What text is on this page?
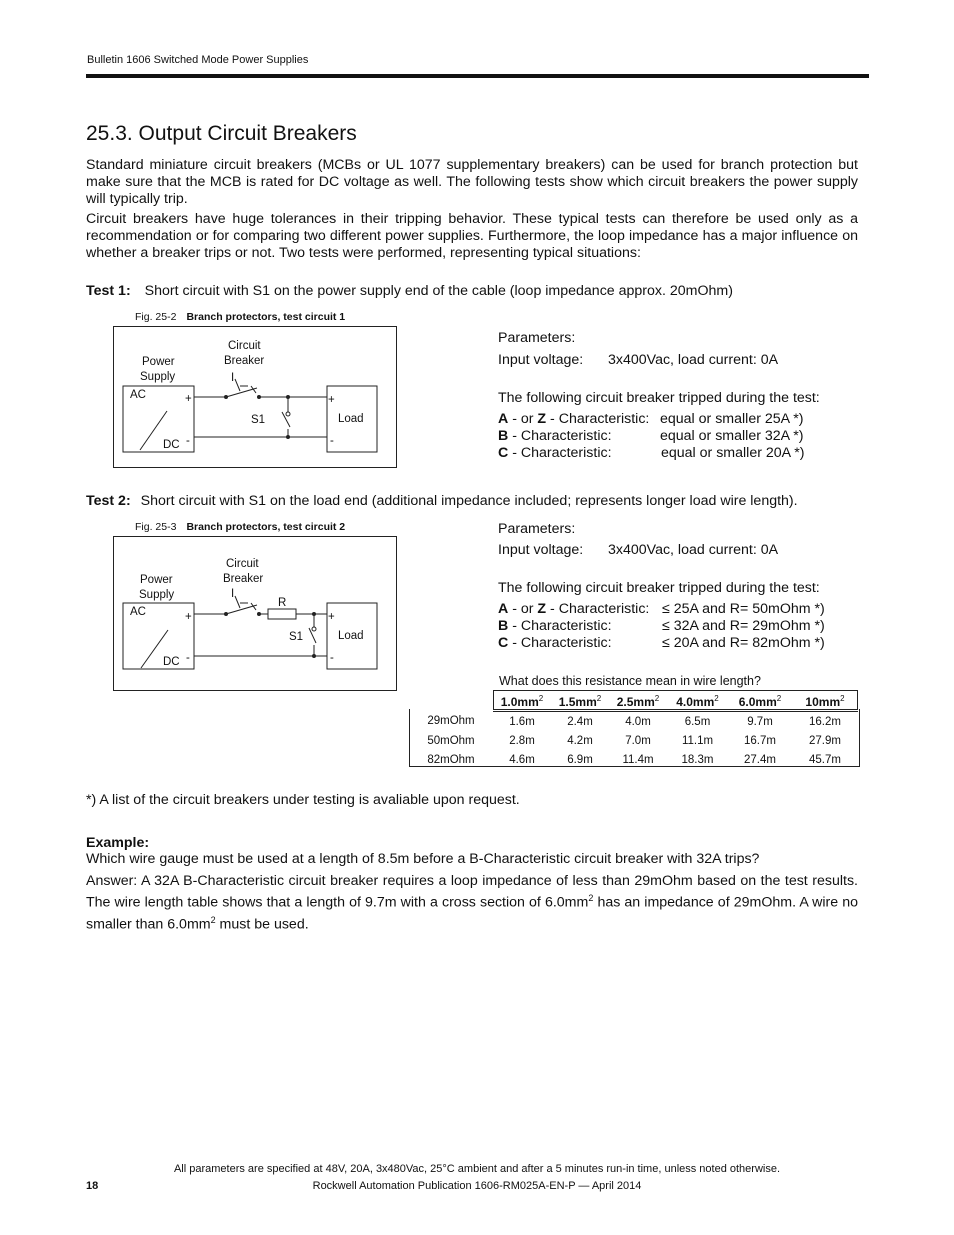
Bulletin 1606 Switched Mode Power Supplies
25.3. Output Circuit Breakers

Standard miniature circuit breakers (MCBs or UL 1077 supplementary breakers) can be used for branch protection but make sure that the MCB is rated for DC voltage as well. The following tests show which circuit breakers the power supply will typically trip.

Circuit breakers have huge tolerances in their tripping behavior. These typical tests can therefore be used only as a recommendation or for comparing two different power supplies. Furthermore, the loop impedance has a major influence on whether a breaker trips or not. Two tests were performed, representing typical situations:

Test 1: Short circuit with S1 on the power supply end of the cable (loop impedance approx. 20mOhm)
Fig. 25-2 Branch protectors, test circuit 1
Power
Supply
Circuit
Breaker
I
AC
DC
+
-
S1
+
-
Load
Parameters:
Input voltage: 3x400Vac, load current: 0A
The following circuit breaker tripped during the test:
A - or Z - Characteristic: equal or smaller 25A *)
B - Characteristic:	equal or smaller 32A *)
C - Characteristic:	equal or smaller 20A *)
Test 2: Short circuit with S1 on the load end (additional impedance included; represents longer load wire length).
Fig. 25-3 Branch protectors, test circuit 2
Power
Supply
Circuit
Breaker
I
AC
DC
+
-
R
S1
+
-
Load
Parameters:
Input voltage: 3x400Vac, load current: 0A
The following circuit breaker tripped during the test:
A - or Z - Characteristic: ≤ 25A and R= 50mOhm *)
B - Characteristic:	≤ 32A and R= 29mOhm *)
C - Characteristic:	≤ 20A and R= 82mOhm *)
What does this resistance mean in wire length?
	$1.0mm^2$	$1.5mm^2$	$2.5mm^2$	$4.0mm^2$	$6.0mm^2$	$10mm^2$
29mOhm	1.6m	2.4m	4.0m	6.5m	9.7m	16.2m
50mOhm	2.8m	4.2m	7.0m	11.1m	16.7m	27.9m
82mOhm	4.6m	6.9m	11.4m	18.3m	27.4m	45.7m
*) A list of the circuit breakers under testing is avaliable upon request.
Example:

Which wire gauge must be used at a length of 8.5m before a B-Characteristic circuit breaker with 32A trips?

Answer: A 32A B-Characteristic circuit breaker requires a loop impedance of less than 29mOhm based on the test results. The wire length table shows that a length of 9.7m with a cross section of $6.0mm^2$ has an impedance of 29mOhm. A wire no smaller than $6.0mm^2$ must be used.

All parameters are specified at 48V, 20A, 3x480Vac, 25°C ambient and after a 5 minutes run-in time, unless noted otherwise.
18	Rockwell Automation Publication 1606-RM025A-EN-P — April 2014
